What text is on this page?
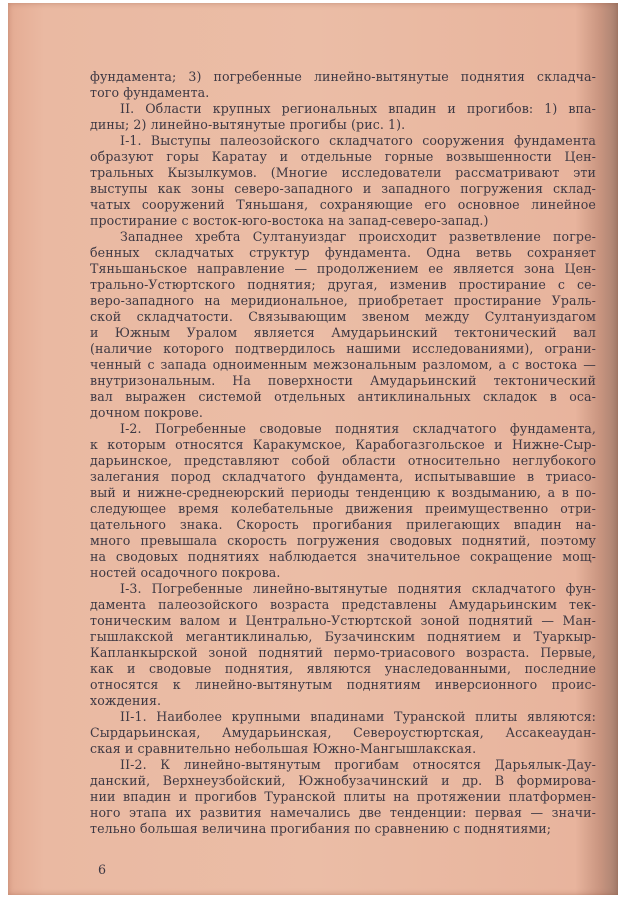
фундамента; 3) погребенные линейно-вытянутые поднятия складча-
того фундамента.
II. Области крупных региональных впадин и прогибов: 1) впа-
дины; 2) линейно-вытянутые прогибы (рис. 1).
I-1. Выступы палеозойского складчатого сооружения фундамента
образуют горы Каратау и отдельные горные возвышенности Цен-
тральных Кызылкумов. (Многие исследователи рассматривают эти
выступы как зоны северо-западного и западного погружения склад-
чатых сооружений Тяньшаня, сохраняющие его основное линейное
простирание с восток-юго-востока на запад-северо-запад.)
Западнее хребта Султануиздаг происходит разветвление погре-
бенных складчатых структур фундамента. Одна ветвь сохраняет
Тяньшаньское направление — продолжением ее является зона Цен-
трально-Устюртского поднятия; другая, изменив простирание с се-
веро-западного на меридиональное, приобретает простирание Ураль-
ской складчатости. Связывающим звеном между Султануиздагом
и Южным Уралом является Амударьинский тектонический вал
(наличие которого подтвердилось нашими исследованиями), ограни-
ченный с запада одноименным межзональным разломом, а с востока —
внутризональным. На поверхности Амударьинский тектонический
вал выражен системой отдельных антиклинальных складок в оса-
дочном покрове.
I-2. Погребенные сводовые поднятия складчатого фундамента,
к которым относятся Каракумское, Карабогазгольское и Нижне-Сыр-
дарьинское, представляют собой области относительно неглубокого
залегания пород складчатого фундамента, испытывавшие в триасо-
вый и нижне-среднеюрский периоды тенденцию к воздыманию, а в по-
следующее время колебательные движения преимущественно отри-
цательного знака. Скорость прогибания прилегающих впадин на-
много превышала скорость погружения сводовых поднятий, поэтому
на сводовых поднятиях наблюдается значительное сокращение мощ-
ностей осадочного покрова.
I-3. Погребенные линейно-вытянутые поднятия складчатого фун-
дамента палеозойского возраста представлены Амударьинским тек-
тоническим валом и Центрально-Устюртской зоной поднятий — Ман-
гышлакской мегантиклиналью, Бузачинским поднятием и Туаркыр-
Капланкырской зоной поднятий пермо-триасового возраста. Первые,
как и сводовые поднятия, являются унаследованными, последние
относятся к линейно-вытянутым поднятиям инверсионного проис-
хождения.
II-1. Наиболее крупными впадинами Туранской плиты являются:
Сырдарьинская, Амударьинская, Североустюртская, Ассакеаудан-
ская и сравнительно небольшая Южно-Мангышлакская.
II-2. К линейно-вытянутым прогибам относятся Дарьялык-Дау-
данский, Верхнеузбойский, Южнобузачинский и др. В формирова-
нии впадин и прогибов Туранской плиты на протяжении платформен-
ного этапа их развития намечались две тенденции: первая — значи-
тельно большая величина прогибания по сравнению с поднятиями;
6
